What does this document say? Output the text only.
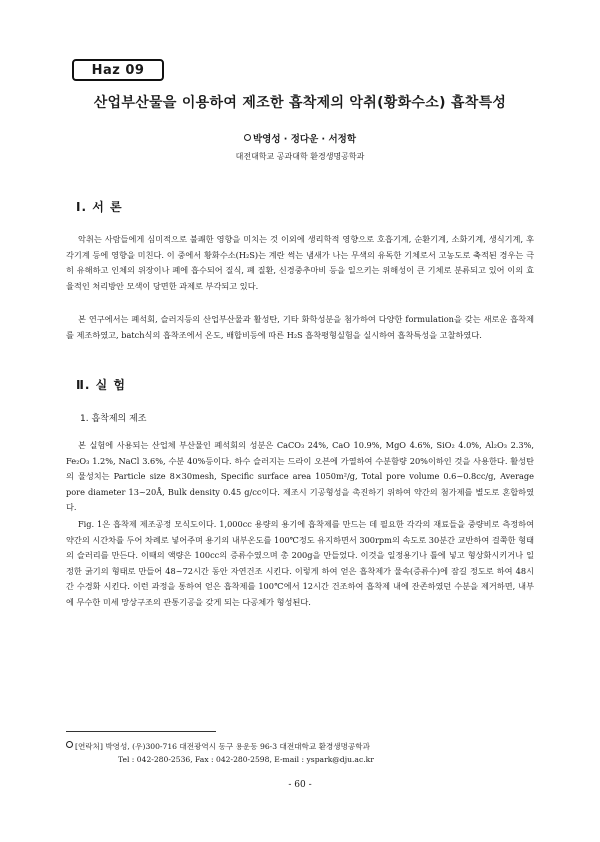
Haz 09
산업부산물을 이용하여 제조한 흡착제의 악취(황화수소) 흡착특성
박영성 · 정다운 · 서정학
대전대학교 공과대학 환경생명공학과
Ⅰ. 서 론

악취는 사람들에게 심미적으로 불쾌한 영향을 미치는 것 이외에 생리학적 영향으로 호흡기계, 순환기계, 소화기계, 생식기계, 후각기계 등에 영향을 미친다. 이 중에서 황화수소(H₂S)는 계란 썩는 냄새가 나는 무색의 유독한 기체로서 고농도로 축적된 경우는 극히 유해하고 인체의 위장이나 폐에 흡수되어 질식, 폐 질환, 신경중추마비 등을 일으키는 위해성이 큰 기체로 분류되고 있어 이의 효율적인 처리방안 모색이 당면한 과제로 부각되고 있다.

본 연구에서는 폐석회, 슬러지등의 산업부산물과 활성탄, 기타 화학성분을 첨가하여 다양한 formulation을 갖는 새로운 흡착제를 제조하였고, batch식의 흡착조에서 온도, 배합비등에 따른 H₂S 흡착평형실험을 실시하여 흡착특성을 고찰하였다.

Ⅱ. 실 험
1. 흡착제의 제조

본 실험에 사용되는 산업체 부산물인 폐석회의 성분은 CaCO₃ 24%, CaO 10.9%, MgO 4.6%, SiO₂ 4.0%, Al₂O₃ 2.3%, Fe₂O₃ 1.2%, NaCl 3.6%, 수분 40%등이다. 하수 슬러지는 드라이 오븐에 가열하여 수분함량 20%이하인 것을 사용한다. 활성탄의 물성치는 Particle size 8×30mesh, Specific surface area 1050m²/g, Total pore volume 0.6~0.8cc/g, Average pore diameter 13~20Å, Bulk density 0.45 g/cc이다. 제조시 기공형성을 촉진하기 위하여 약간의 첨가제를 별도로 혼합하였다.

Fig. 1은 흡착제 제조공정 모식도이다. 1,000cc 용량의 용기에 흡착제를 만드는 데 필요한 각각의 재료들을 중량비로 측정하여 약간의 시간차를 두어 차례로 넣어주며 용기의 내부온도를 100℃정도 유지하면서 300rpm의 속도로 30분간 교반하여 걸쭉한 형태의 슬러리를 만든다. 이때의 액량은 100cc의 증류수였으며 총 200g을 만들었다. 이것을 일정용기나 틀에 넣고 형상화시키거나 일정한 굵기의 형태로 만들어 48~72시간 동안 자연건조 시킨다. 이렇게 하여 얻은 흡착제가 물속(증류수)에 잠길 정도로 하여 48시간 수경화 시킨다. 이런 과정을 통하여 얻은 흡착제를 100℃에서 12시간 건조하여 흡착제 내에 잔존하였던 수분을 제거하면, 내부에 무수한 미세 망상구조의 관통기공을 갖게 되는 다공체가 형성된다.

[연락처] 박영성, (우)300-716 대전광역시 동구 용운동 96-3 대전대학교 환경생명공학과
Tel : 042-280-2536, Fax : 042-280-2598, E-mail : yspark@dju.ac.kr
- 60 -
